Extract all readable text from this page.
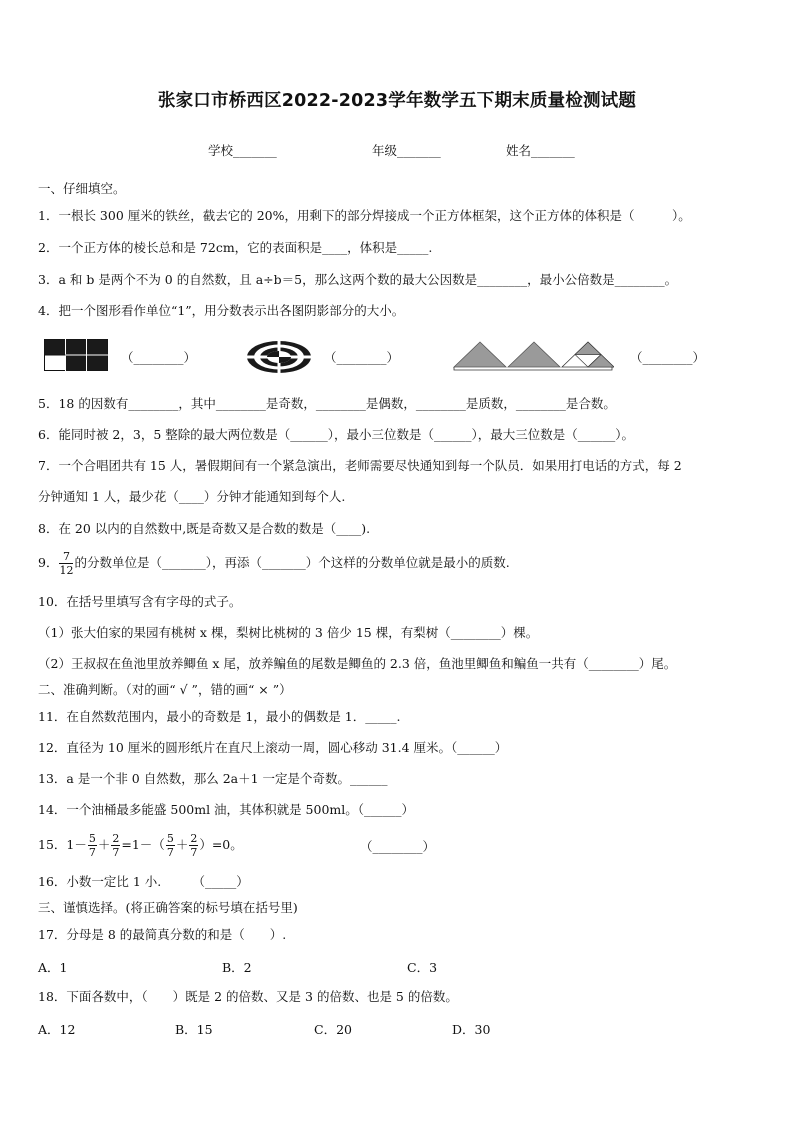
张家口市桥西区2022-2023学年数学五下期末质量检测试题
学校_______	年级_______	姓名_______
一、仔细填空。
1．一根长 300 厘米的铁丝，截去它的 20%，用剩下的部分焊接成一个正方体框架，这个正方体的体积是（　　　）。
2．一个正方体的棱长总和是 72cm，它的表面积是____，体积是_____.
3．a 和 b 是两个不为 0 的自然数，且 a÷b＝5，那么这两个数的最大公因数是________，最小公倍数是________。
4．把一个图形看作单位“1”，用分数表示出各图阴影部分的大小。
（________）	（________）	（________）
5．18 的因数有________，其中________是奇数，________是偶数，________是质数，________是合数。
6．能同时被 2，3，5 整除的最大两位数是（______），最小三位数是（______），最大三位数是（______）。
7．一个合唱团共有 15 人，暑假期间有一个紧急演出，老师需要尽快通知到每一个队员．如果用打电话的方式，每 2
分钟通知 1 人，最少花（____）分钟才能通知到每个人.
8．在 20 以内的自然数中,既是奇数又是合数的数是（____).
9． $\frac{7}{12}$ 的分数单位是（_______），再添（_______）个这样的分数单位就是最小的质数.
10．在括号里填写含有字母的式子。
（1）张大伯家的果园有桃树 x 棵，梨树比桃树的 3 倍少 15 棵，有梨树（________）棵。
（2）王叔叔在鱼池里放养鲫鱼 x 尾，放养鳊鱼的尾数是鲫鱼的 2.3 倍，鱼池里鲫鱼和鳊鱼一共有（________）尾。
二、准确判断。（对的画“ √ ”，错的画“ × ”）
11．在自然数范围内，最小的奇数是 1，最小的偶数是 1．_____.
12．直径为 10 厘米的圆形纸片在直尺上滚动一周，圆心移动 31.4 厘米。（______）
13．a 是一个非 0 自然数，那么 2a＋1 一定是个奇数。______
14．一个油桶最多能盛 500ml 油，其体积就是 500ml。（______）
15．$1- \frac{5}{7} + \frac{2}{7} =1-( \frac{5}{7} + \frac{2}{7} )=0$。	（________）
16．小数一定比 1 小.　　　（_____）
三、谨慎选择。(将正确答案的标号填在括号里)
17．分母是 8 的最简真分数的和是（　　）.
A．1	B．2	C．3
18．下面各数中，（　　）既是 2 的倍数、又是 3 的倍数、也是 5 的倍数。
A．12	B．15	C．20	D．30
